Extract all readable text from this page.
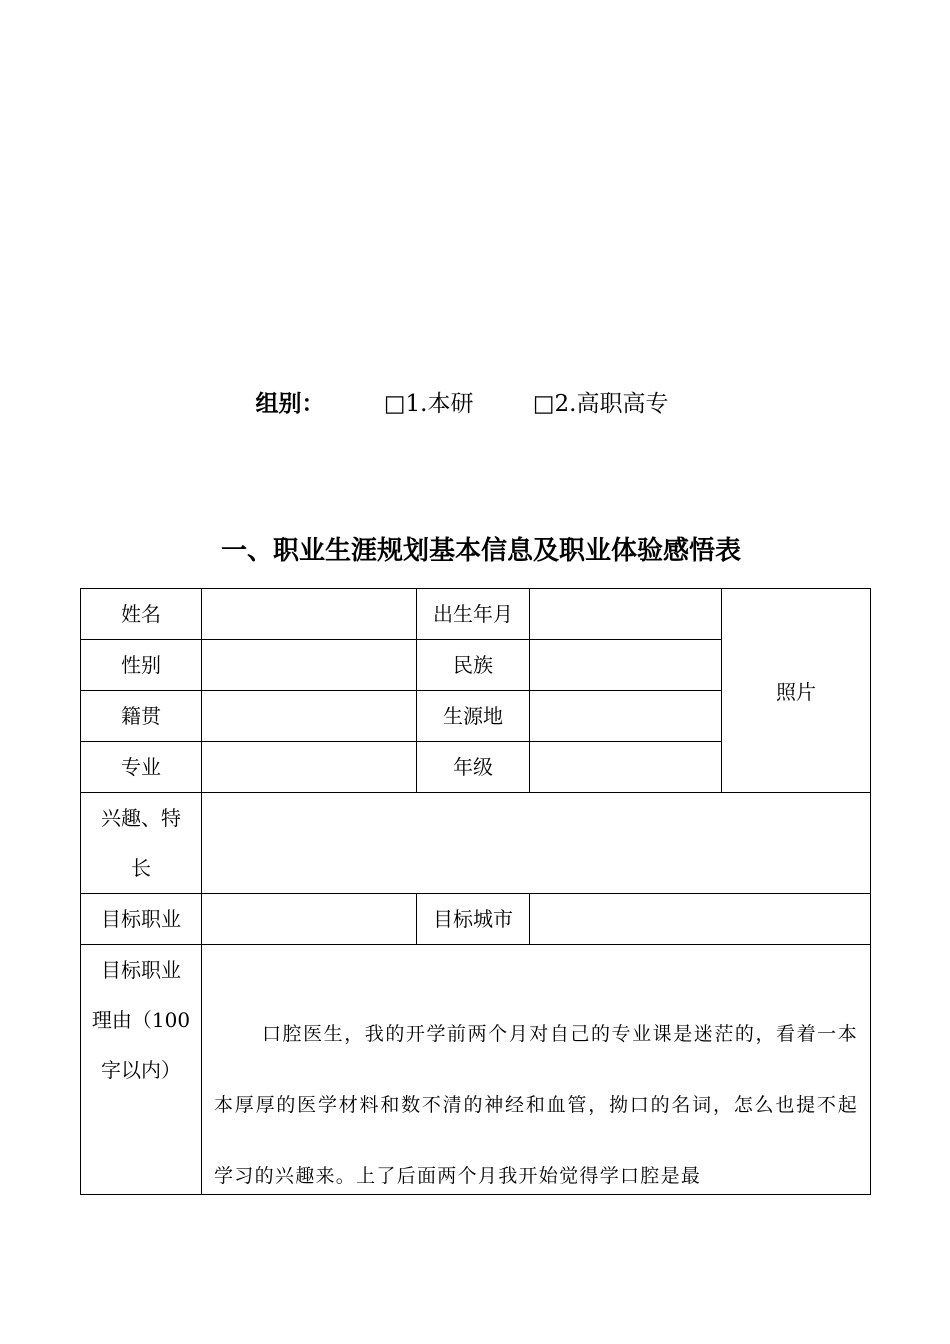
组别：	□1.本研	□2.高职高专
一、职业生涯规划基本信息及职业体验感悟表
姓名		出生年月		照片
性别		民族		
籍贯		生源地		
专业		年级		

兴趣、特
长				

目标职业		目标城市		

目标职业
理由（100
字以内）	口腔医生，我的开学前两个月对自己的专业课是迷茫的，看着一本本厚厚的医学材料和数不清的神经和血管，拗口的名词，怎么也提不起学习的兴趣来。上了后面两个月我开始觉得学口腔是最			
